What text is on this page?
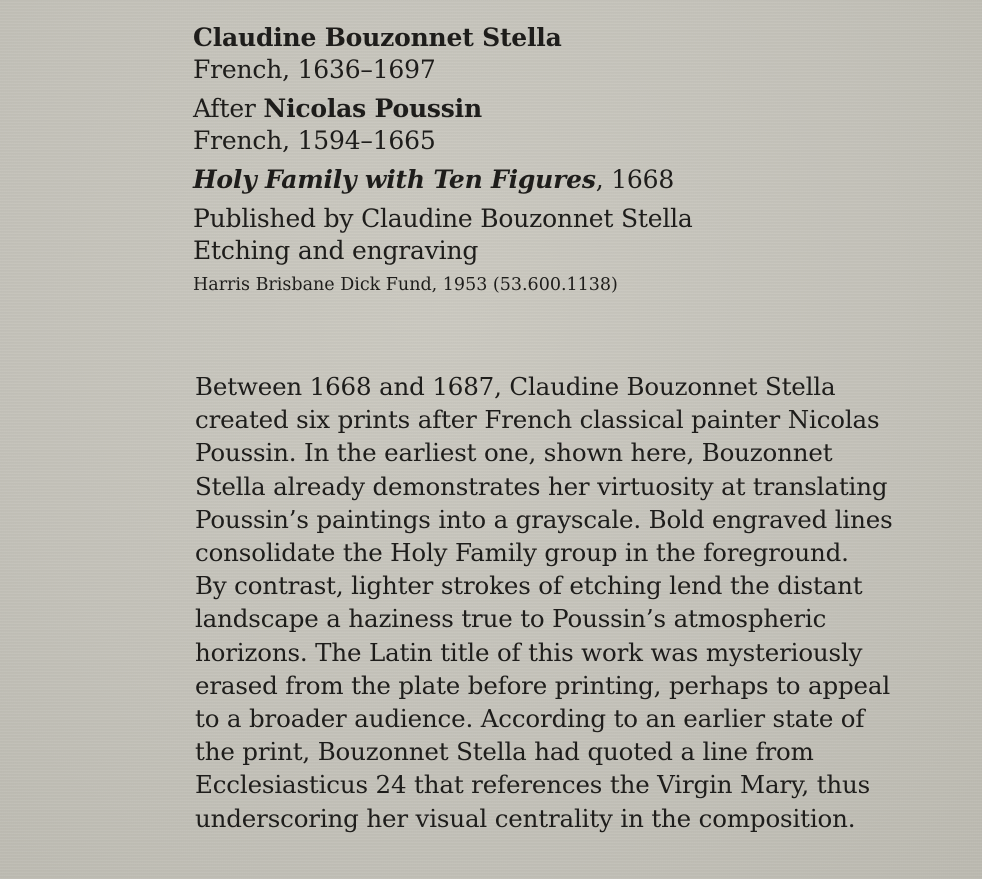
Claudine Bouzonnet Stella
French, 1636–1697
After Nicolas Poussin
French, 1594–1665
Holy Family with Ten Figures, 1668
Published by Claudine Bouzonnet Stella
Etching and engraving
Harris Brisbane Dick Fund, 1953 (53.600.1138)
Between 1668 and 1687, Claudine Bouzonnet Stella
created six prints after French classical painter Nicolas
Poussin. In the earliest one, shown here, Bouzonnet
Stella already demonstrates her virtuosity at translating
Poussin’s paintings into a grayscale. Bold engraved lines
consolidate the Holy Family group in the foreground.
By contrast, lighter strokes of etching lend the distant
landscape a haziness true to Poussin’s atmospheric
horizons. The Latin title of this work was mysteriously
erased from the plate before printing, perhaps to appeal
to a broader audience. According to an earlier state of
the print, Bouzonnet Stella had quoted a line from
Ecclesiasticus 24 that references the Virgin Mary, thus
underscoring her visual centrality in the composition.
